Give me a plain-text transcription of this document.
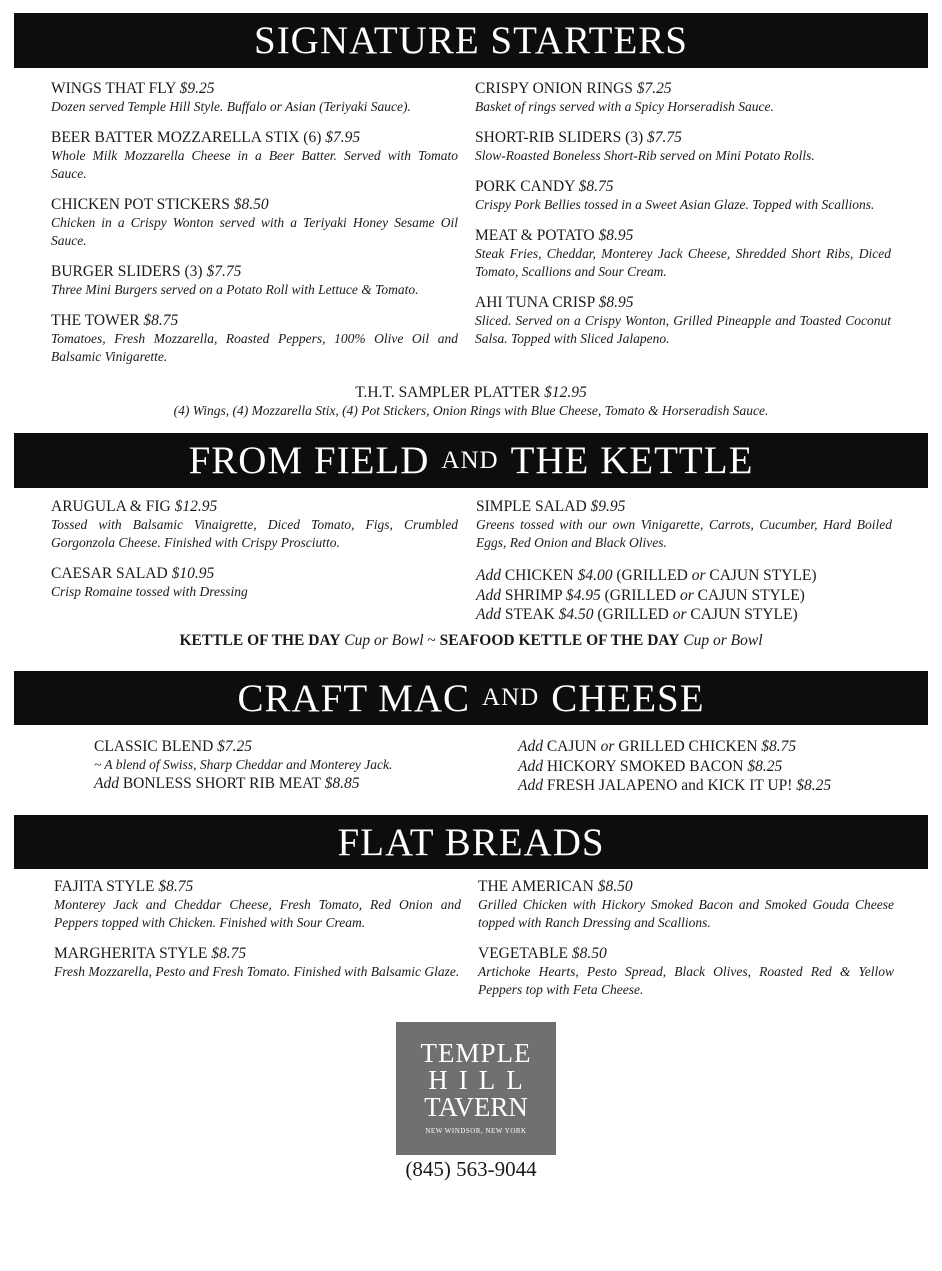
SIGNATURE STARTERS
WINGS THAT FLY $9.25
Dozen served Temple Hill Style. Buffalo or Asian (Teriyaki Sauce).
BEER BATTER MOZZARELLA STIX (6) $7.95
Whole Milk Mozzarella Cheese in a Beer Batter. Served with Tomato Sauce.
CHICKEN POT STICKERS $8.50
Chicken in a Crispy Wonton served with a Teriyaki Honey Sesame Oil Sauce.
BURGER SLIDERS (3) $7.75
Three Mini Burgers served on a Potato Roll with Lettuce & Tomato.
THE TOWER $8.75
Tomatoes, Fresh Mozzarella, Roasted Peppers, 100% Olive Oil and Balsamic Vinigarette.
CRISPY ONION RINGS $7.25
Basket of rings served with a Spicy Horseradish Sauce.
SHORT-RIB SLIDERS (3) $7.75
Slow-Roasted Boneless Short-Rib served on Mini Potato Rolls.
PORK CANDY $8.75
Crispy Pork Bellies tossed in a Sweet Asian Glaze. Topped with Scallions.
MEAT & POTATO $8.95
Steak Fries, Cheddar, Monterey Jack Cheese, Shredded Short Ribs, Diced Tomato, Scallions and Sour Cream.
AHI TUNA CRISP $8.95
Sliced. Served on a Crispy Wonton, Grilled Pineapple and Toasted Coconut Salsa. Topped with Sliced Jalapeno.
T.H.T. SAMPLER PLATTER $12.95
(4) Wings, (4) Mozzarella Stix, (4) Pot Stickers, Onion Rings with Blue Cheese, Tomato & Horseradish Sauce.
FROM FIELD AND THE KETTLE
ARUGULA & FIG $12.95
Tossed with Balsamic Vinaigrette, Diced Tomato, Figs, Crumbled Gorgonzola Cheese. Finished with Crispy Prosciutto.
CAESAR SALAD $10.95
Crisp Romaine tossed with Dressing
SIMPLE SALAD $9.95
Greens tossed with our own Vinigarette, Carrots, Cucumber, Hard Boiled Eggs, Red Onion and Black Olives.
Add CHICKEN $4.00 (GRILLED or CAJUN STYLE)
Add SHRIMP $4.95 (GRILLED or CAJUN STYLE)
Add STEAK $4.50 (GRILLED or CAJUN STYLE)
KETTLE OF THE DAY Cup or Bowl ~ SEAFOOD KETTLE OF THE DAY Cup or Bowl
CRAFT MAC AND CHEESE
CLASSIC BLEND $7.25
~ A blend of Swiss, Sharp Cheddar and Monterey Jack.
Add BONLESS SHORT RIB MEAT $8.85
Add CAJUN or GRILLED CHICKEN $8.75
Add HICKORY SMOKED BACON $8.25
Add FRESH JALAPENO and KICK IT UP! $8.25
FLAT BREADS
FAJITA STYLE $8.75
Monterey Jack and Cheddar Cheese, Fresh Tomato, Red Onion and Peppers topped with Chicken. Finished with Sour Cream.
MARGHERITA STYLE $8.75
Fresh Mozzarella, Pesto and Fresh Tomato. Finished with Balsamic Glaze.
THE AMERICAN $8.50
Grilled Chicken with Hickory Smoked Bacon and Smoked Gouda Cheese topped with Ranch Dressing and Scallions.
VEGETABLE $8.50
Artichoke Hearts, Pesto Spread, Black Olives, Roasted Red & Yellow Peppers top with Feta Cheese.
TEMPLE
HILL
TAVERN
NEW WINDSOR, NEW YORK
(845) 563-9044
